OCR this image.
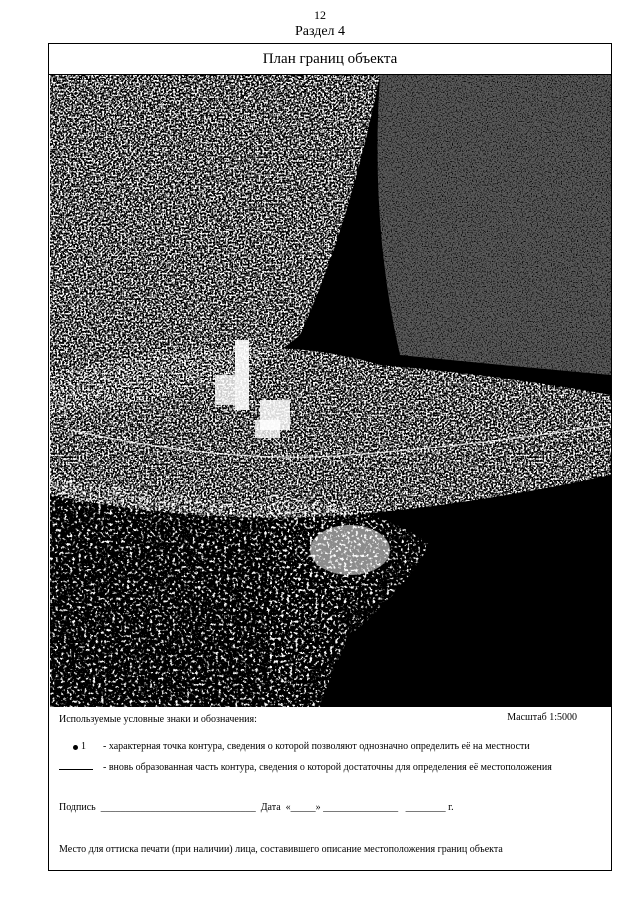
12
Раздел 4
План границ объекта
Используемые условные знаки и обозначения:	Масштаб 1:5000
1 - характерная точка контура, сведения о которой позволяют однозначно определить её на местности
- вновь образованная часть контура, сведения о которой достаточны для определения её местоположения
Подпись _______________________________ Дата «_____» _______________   ________ г.
Место для оттиска печати (при наличии) лица, составившего описание местоположения границ объекта
